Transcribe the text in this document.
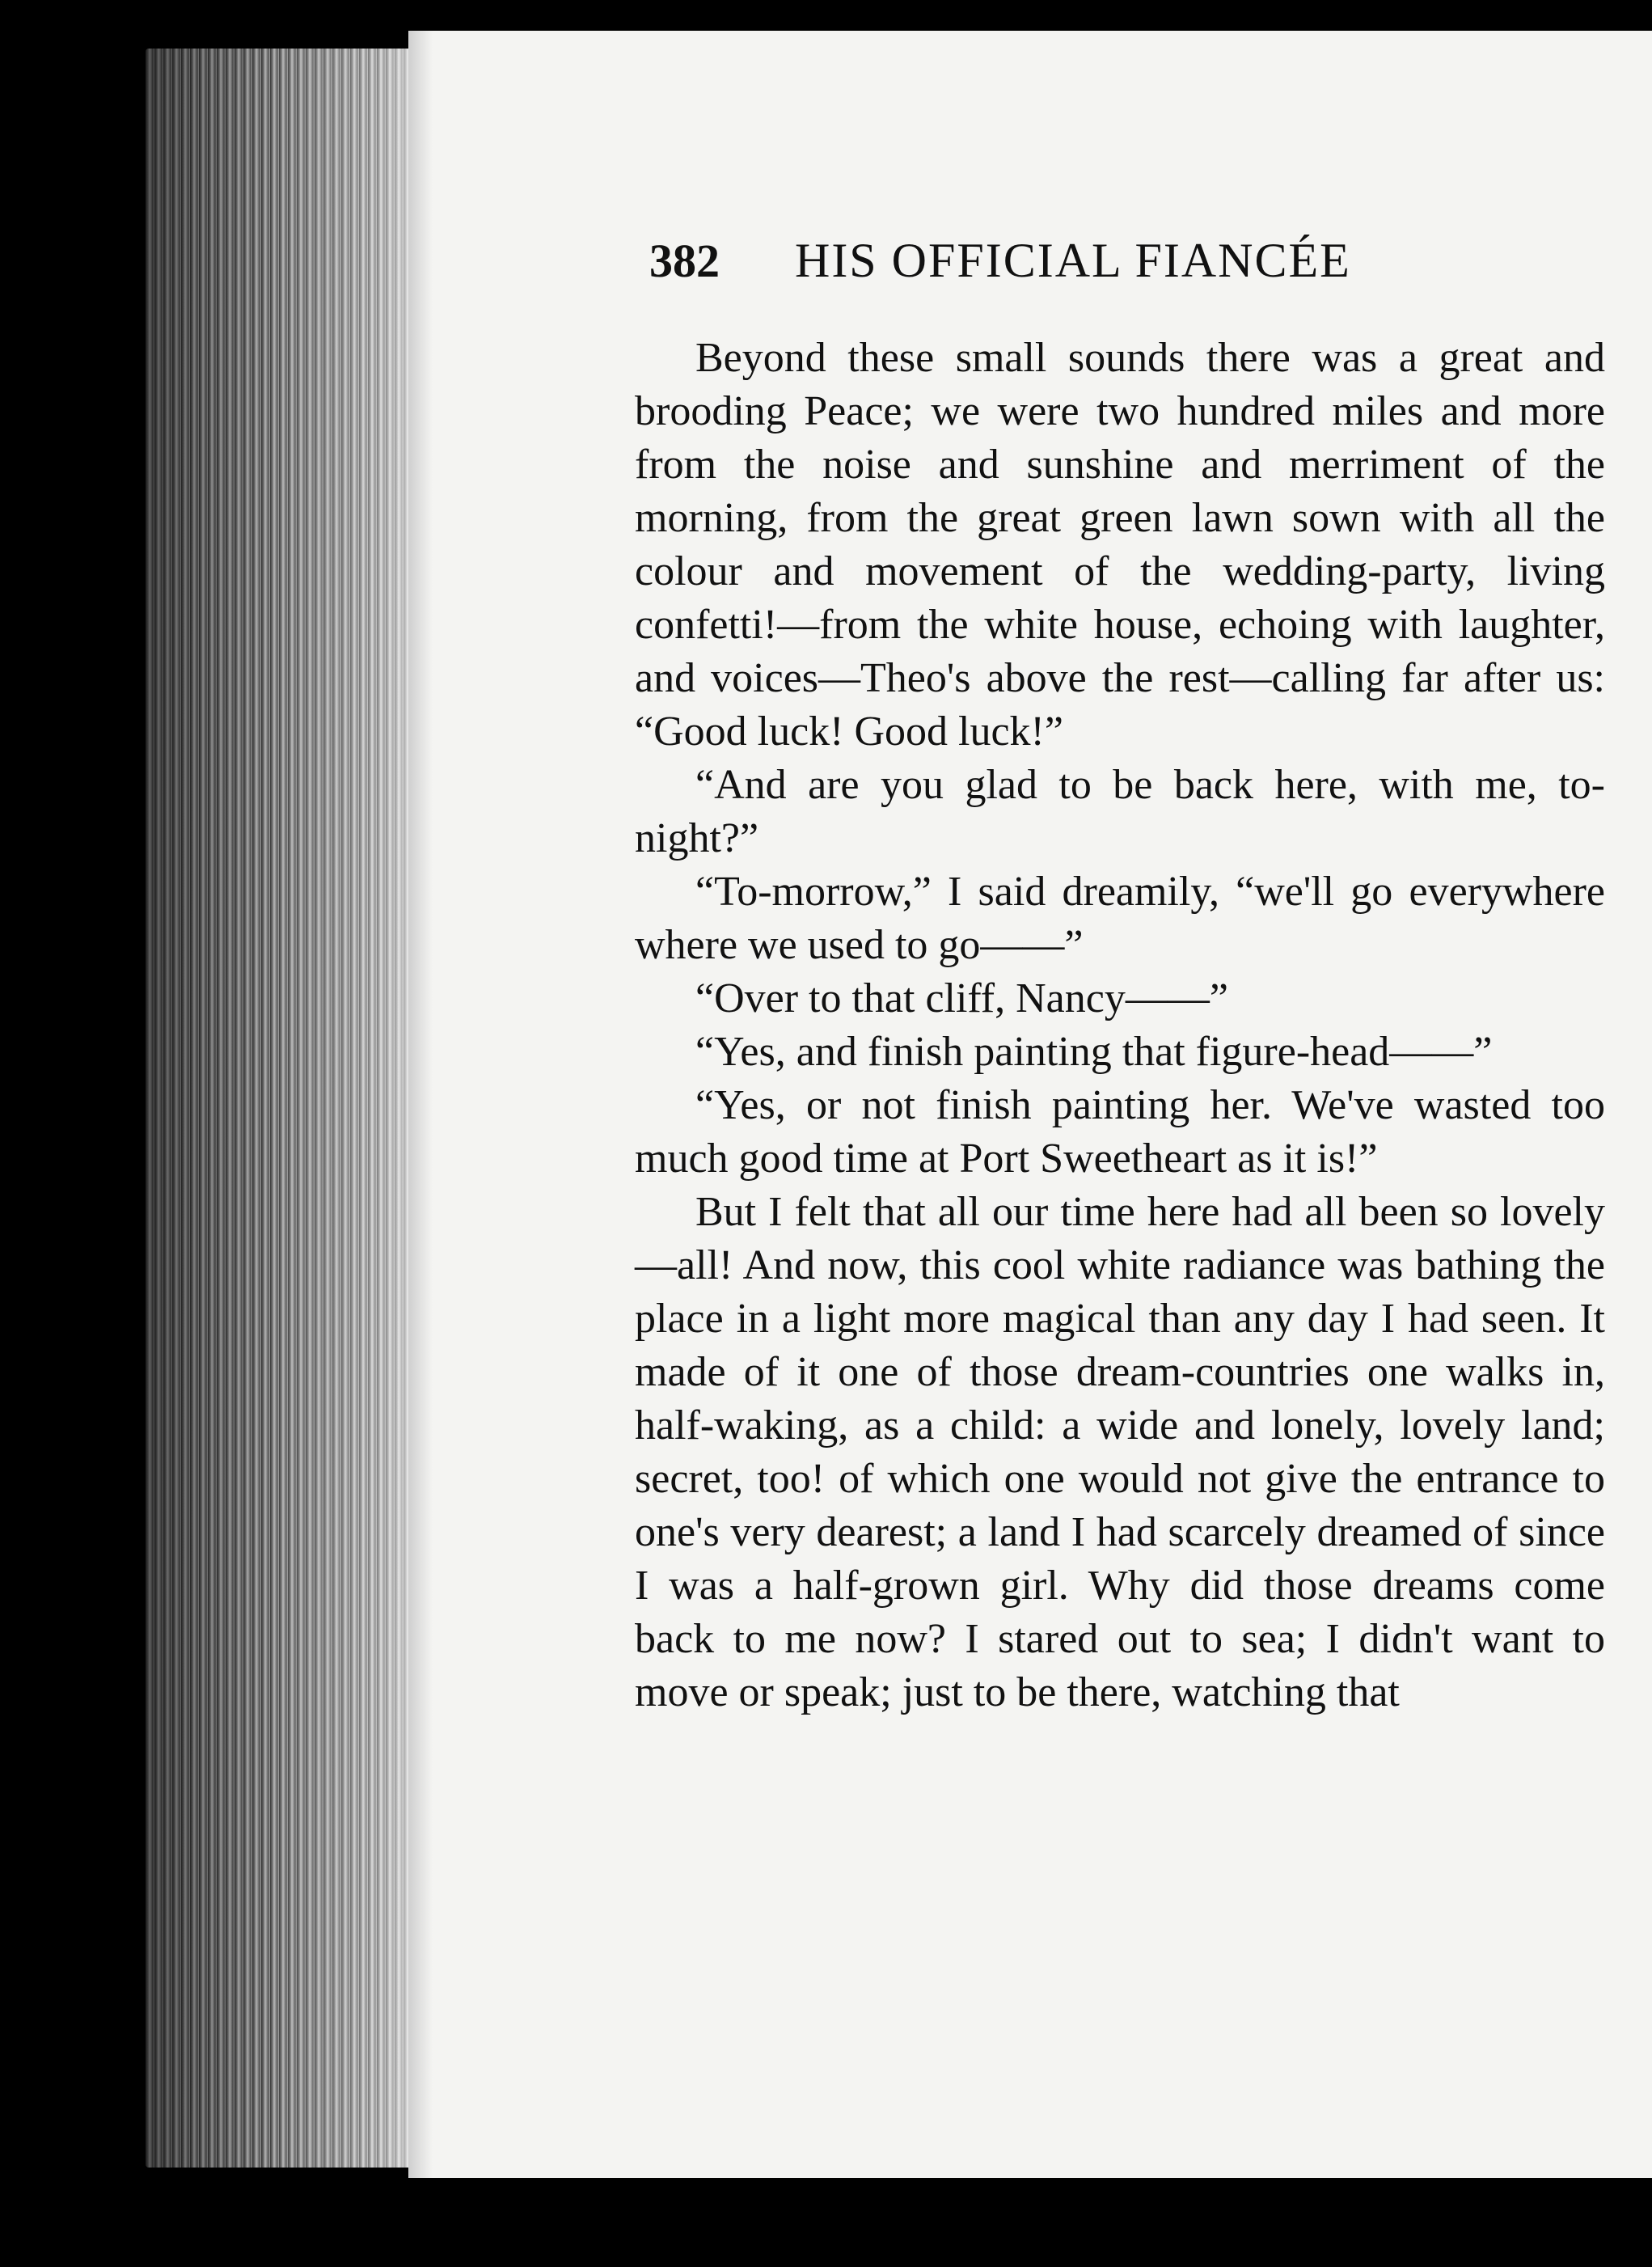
382	HIS OFFICIAL FIANCÉE

Beyond these small sounds there was a great and brooding Peace; we were two hundred miles and more from the noise and sunshine and merriment of the morning, from the great green lawn sown with all the colour and movement of the wedding-party, living confetti!—from the white house, echoing with laughter, and voices—Theo's above the rest—calling far after us: “Good luck! Good luck!”

“And are you glad to be back here, with me, to-night?”

“To-morrow,” I said dreamily, “we'll go everywhere where we used to go——”

“Over to that cliff, Nancy——”

“Yes, and finish painting that figure-head——”

“Yes, or not finish painting her. We've wasted too much good time at Port Sweetheart as it is!”

But I felt that all our time here had all been so lovely—all! And now, this cool white radiance was bathing the place in a light more magical than any day I had seen. It made of it one of those dream-countries one walks in, half-waking, as a child: a wide and lonely, lovely land; secret, too! of which one would not give the entrance to one's very dearest; a land I had scarcely dreamed of since I was a half-grown girl. Why did those dreams come back to me now? I stared out to sea; I didn't want to move or speak; just to be there, watching that
